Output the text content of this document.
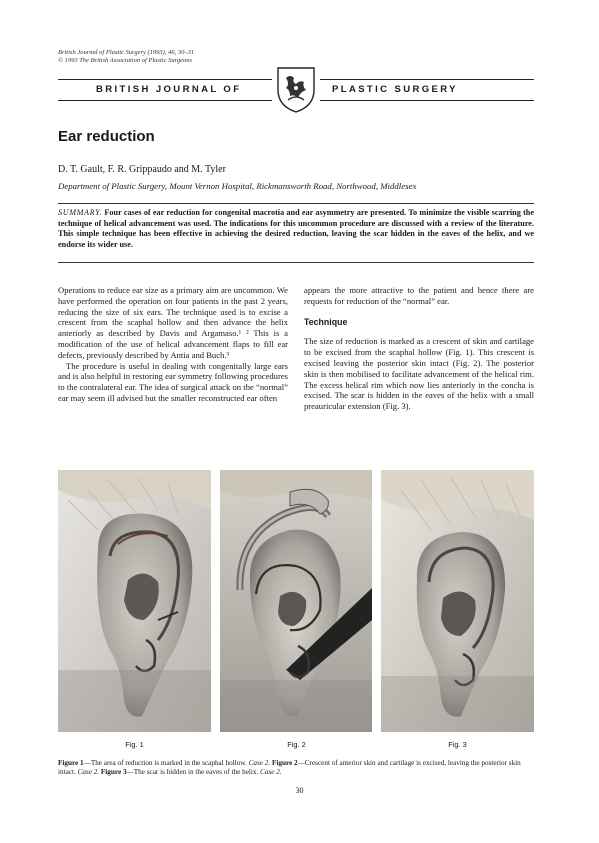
British Journal of Plastic Surgery (1993), 46, 30–31
© 1993 The British Association of Plastic Surgeons
BRITISH JOURNAL OF	PLASTIC SURGERY
Ear reduction
D. T. Gault, F. R. Grippaudo and M. Tyler
Department of Plastic Surgery, Mount Vernon Hospital, Rickmansworth Road, Northwood, Middlesex
SUMMARY. Four cases of ear reduction for congenital macrotia and ear asymmetry are presented. To minimize the visible scarring the technique of helical advancement was used. The indications for this uncommon procedure are discussed with a review of the literature. This simple technique has been effective in achieving the desired reduction, leaving the scar hidden in the eaves of the helix, and we endorse its wider use.

Operations to reduce ear size as a primary aim are uncommon. We have performed the operation on four patients in the past 2 years, reducing the size of six ears. The technique used is to excise a crescent from the scaphal hollow and then advance the helix anteriorly as described by Davis and Argamaso.¹ ² This is a modification of the use of helical advancement flaps to fill ear defects, previously described by Antia and Buch.³

The procedure is useful in dealing with congenitally large ears and is also helpful in restoring ear symmetry following procedures to the contralateral ear. The idea of surgical attack on the “normal” ear may seem ill advised but the smaller reconstructed ear often

appears the more attractive to the patient and hence there are requests for reduction of the “normal” ear.

Technique

The size of reduction is marked as a crescent of skin and cartilage to be excised from the scaphal hollow (Fig. 1). This crescent is excised leaving the posterior skin intact (Fig. 2). The posterior skin is then mobilised to facilitate advancement of the helical rim. The excess helical rim which now lies anteriorly in the concha is excised. The scar is hidden in the eaves of the helix with a small preauricular extension (Fig. 3).

Fig. 1	Fig. 2	Fig. 3
Figure 1—The area of reduction is marked in the scaphal hollow. Case 2. Figure 2—Crescent of anterior skin and cartilage is excised, leaving the posterior skin intact. Case 2. Figure 3—The scar is hidden in the eaves of the helix. Case 2.
30
